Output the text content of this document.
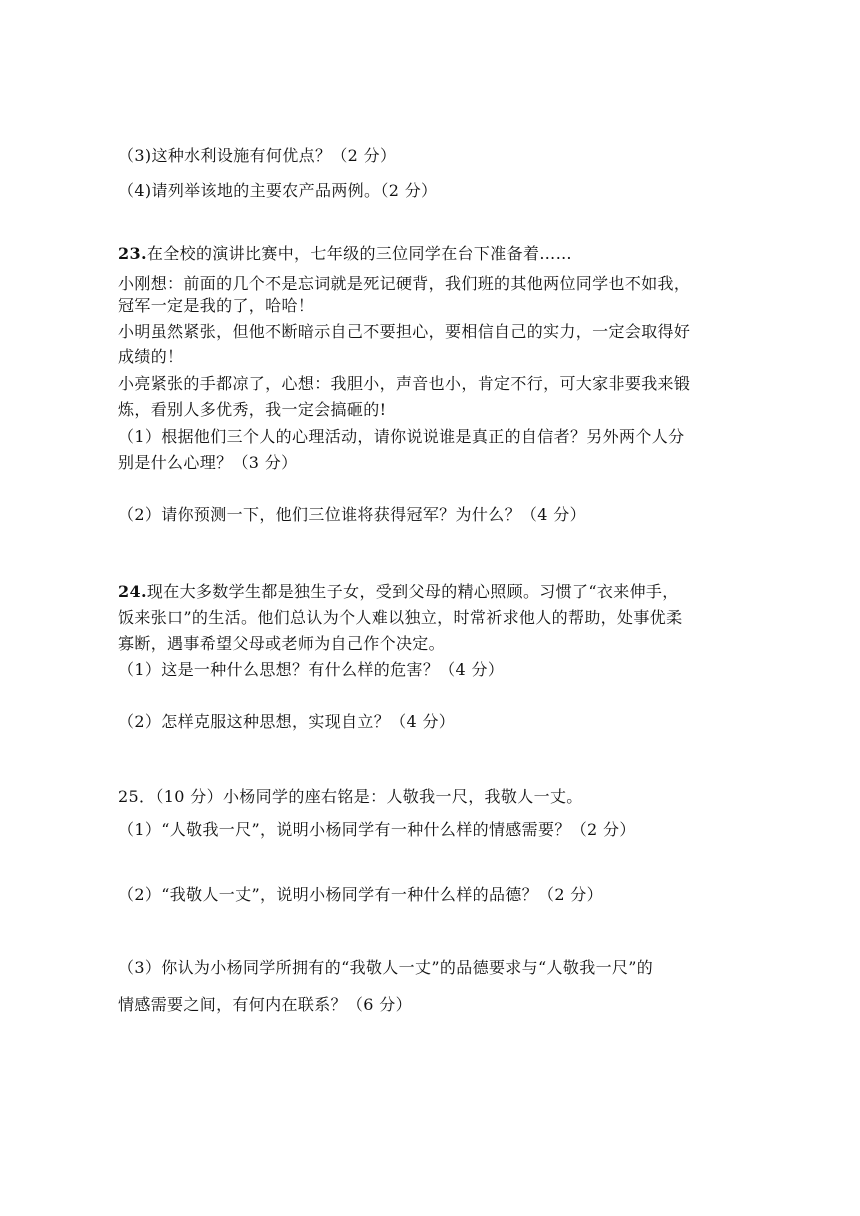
（3)这种水利设施有何优点？（2 分）
（4)请列举该地的主要农产品两例。（2 分）
23.在全校的演讲比赛中，七年级的三位同学在台下准备着……
小刚想：前面的几个不是忘词就是死记硬背，我们班的其他两位同学也不如我，
冠军一定是我的了，哈哈！
小明虽然紧张，但他不断暗示自己不要担心，要相信自己的实力，一定会取得好
成绩的！
小亮紧张的手都凉了，心想：我胆小，声音也小，肯定不行，可大家非要我来锻
炼，看别人多优秀，我一定会搞砸的!
（1）根据他们三个人的心理活动，请你说说谁是真正的自信者？另外两个人分
别是什么心理？（3 分）
（2）请你预测一下，他们三位谁将获得冠军？为什么？（4 分）
24.现在大多数学生都是独生子女，受到父母的精心照顾。习惯了“衣来伸手，
饭来张口”的生活。他们总认为个人难以独立，时常祈求他人的帮助，处事优柔
寡断，遇事希望父母或老师为自己作个决定。
（1）这是一种什么思想？有什么样的危害？（4 分）
（2）怎样克服这种思想，实现自立？（4 分）
25．（10 分）小杨同学的座右铭是：人敬我一尺，我敬人一丈。
（1）“人敬我一尺”，说明小杨同学有一种什么样的情感需要？（2 分）
（2）“我敬人一丈”，说明小杨同学有一种什么样的品德？（2 分）
（3）你认为小杨同学所拥有的“我敬人一丈”的品德要求与“人敬我一尺”的
情感需要之间，有何内在联系？（6 分）
